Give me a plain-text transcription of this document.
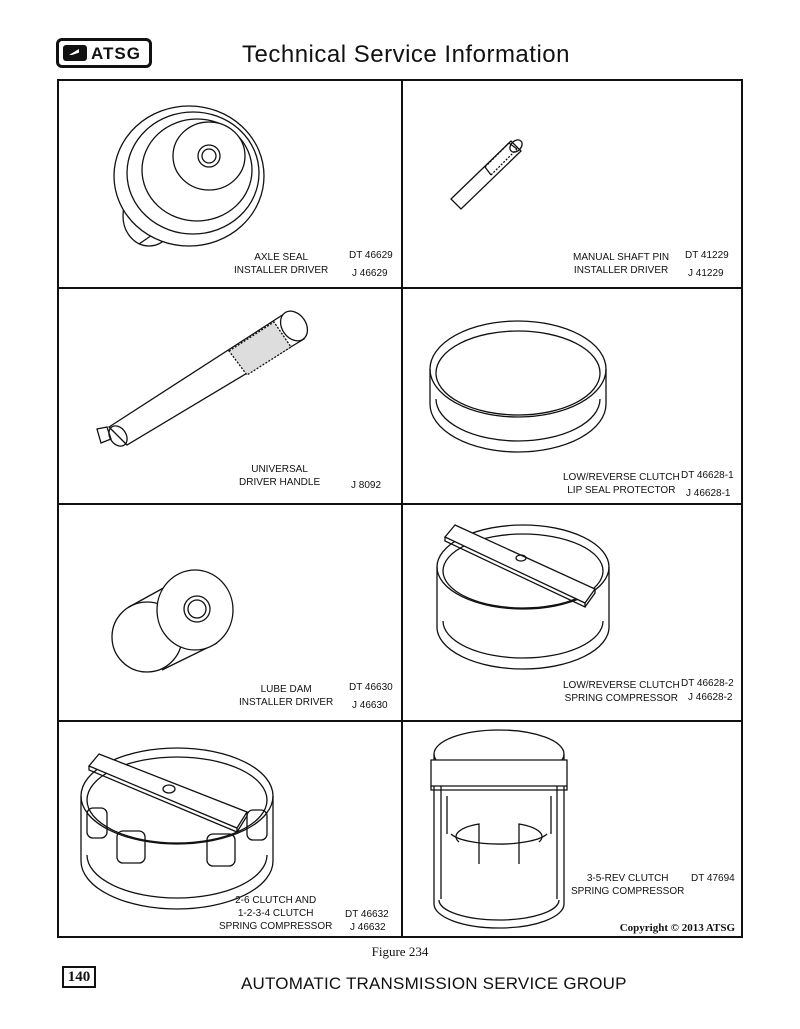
ATSG	Technical Service Information
AXLE SEAL
INSTALLER DRIVER
DT 46629
J 46629
MANUAL SHAFT PIN
INSTALLER DRIVER
DT 41229
J 41229
UNIVERSAL
DRIVER HANDLE	J 8092
LOW/REVERSE CLUTCH
LIP SEAL PROTECTOR
DT 46628-1
J 46628-1
LUBE DAM
INSTALLER DRIVER
DT 46630
J 46630
LOW/REVERSE CLUTCH
SPRING COMPRESSOR
DT 46628-2
J 46628-2
2-6 CLUTCH AND
1-2-3-4 CLUTCH
SPRING COMPRESSOR
DT 46632
J 46632
3-5-REV CLUTCH
SPRING COMPRESSOR
DT 47694
Copyright © 2013 ATSG
Figure 234
140	AUTOMATIC TRANSMISSION SERVICE GROUP
